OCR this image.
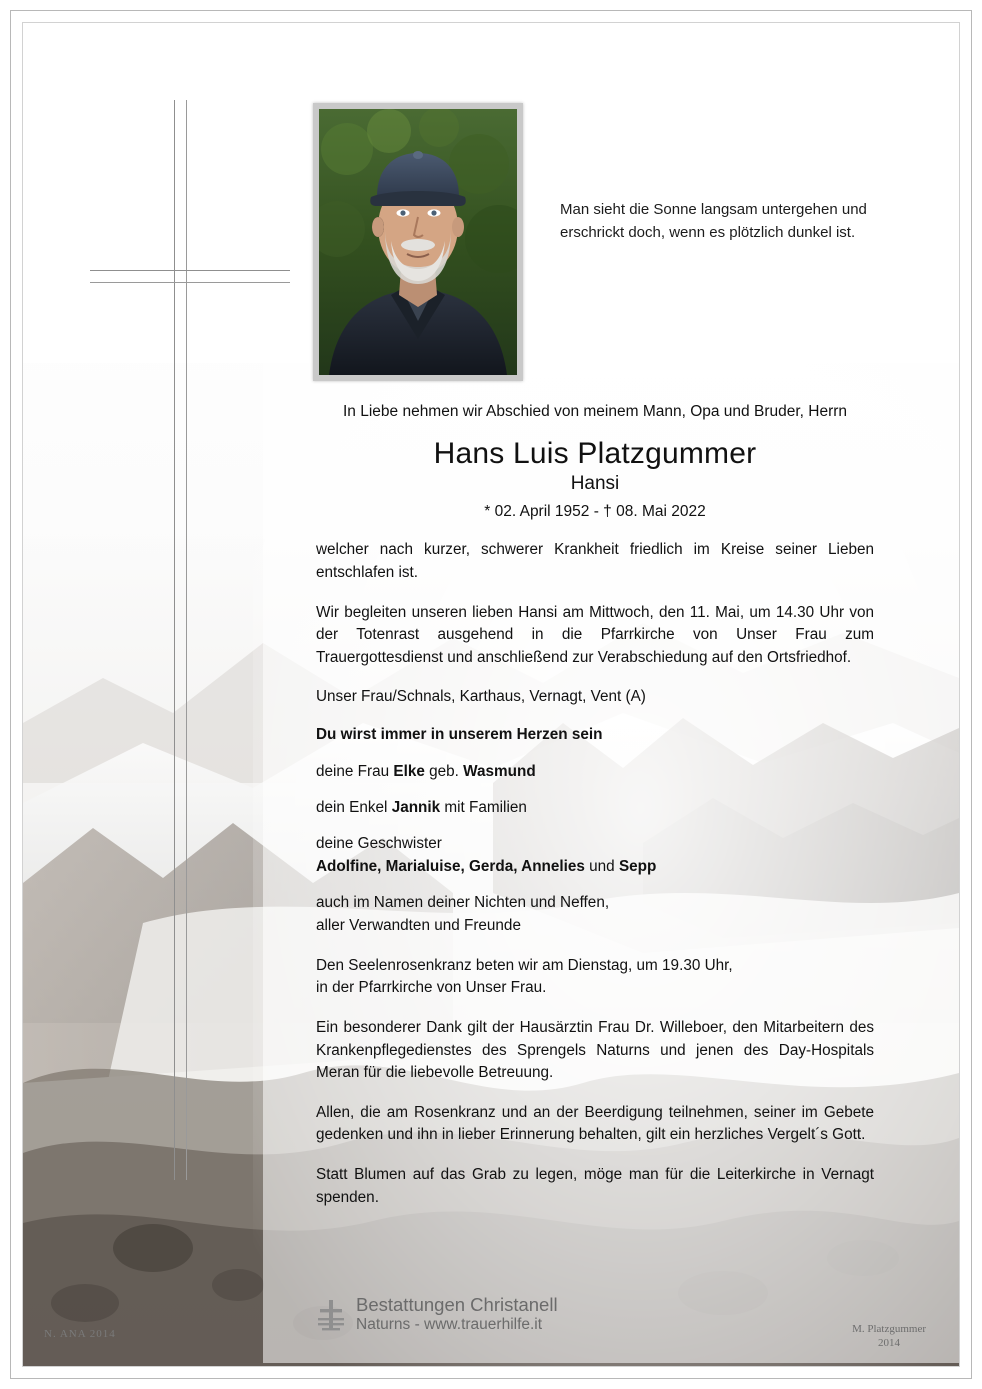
Man sieht die Sonne langsam untergehen und erschrickt doch, wenn es plötzlich dunkel ist.
In Liebe nehmen wir Abschied von meinem Mann, Opa und Bruder, Herrn
Hans Luis Platzgummer
Hansi
* 02. April 1952 - † 08. Mai 2022
welcher nach kurzer, schwerer Krankheit friedlich im Kreise seiner Lieben entschlafen ist.
Wir begleiten unseren lieben Hansi am Mittwoch, den 11. Mai, um 14.30 Uhr von der Totenrast ausgehend in die Pfarrkirche von Unser Frau zum Trauergottesdienst und anschließend zur Verabschiedung auf den Ortsfriedhof.
Unser Frau/Schnals, Karthaus, Vernagt, Vent (A)
Du wirst immer in unserem Herzen sein
deine Frau Elke geb. Wasmund
dein Enkel Jannik mit Familien
deine Geschwister
Adolfine, Marialuise, Gerda, Annelies und Sepp
auch im Namen deiner Nichten und Neffen,
aller Verwandten und Freunde
Den Seelenrosenkranz beten wir am Dienstag, um 19.30 Uhr,
in der Pfarrkirche von Unser Frau.
Ein besonderer Dank gilt der Hausärztin Frau Dr. Willeboer, den Mitarbeitern des Krankenpflegedienstes des Sprengels Naturns und jenen des Day-Hospitals Meran für die liebevolle Betreuung.
Allen, die am Rosenkranz und an der Beerdigung teilnehmen, seiner im Gebete gedenken und ihn in lieber Erinnerung behalten, gilt ein herzliches Vergelt´s Gott.
Statt Blumen auf das Grab zu legen, möge man für die Leiterkirche in Vernagt spenden.
Bestattungen Christanell
Naturns - www.trauerhilfe.it
N. ANA 2014	M. Platzgummer
2014
